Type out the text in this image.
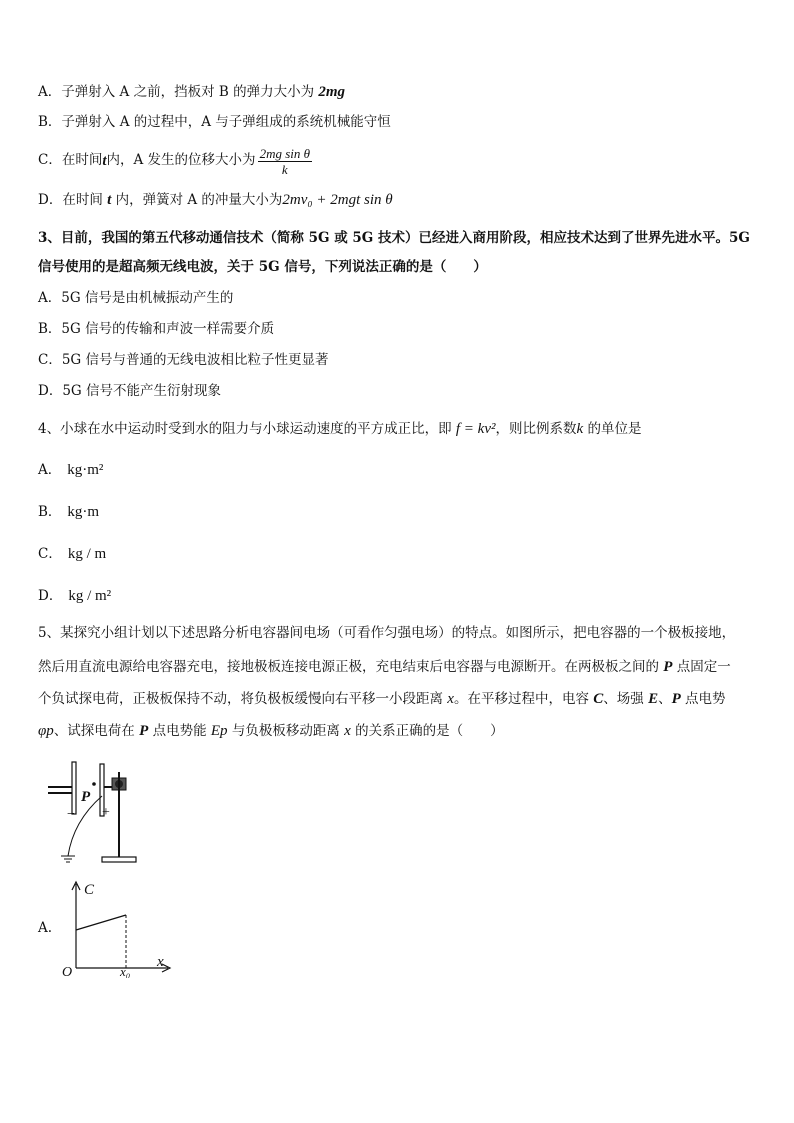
A．子弹射入 A 之前，挡板对 B 的弹力大小为 2mg
B．子弹射入 A 的过程中，A 与子弹组成的系统机械能守恒
C．在时间 t 内，A 发生的位移大小为 $\frac{\text{2mg sin θ}}{k}$
D．在时间 t 内，弹簧对 A 的冲量大小为2mv₀ + 2mgt sin θ
3、目前，我国的第五代移动通信技术（简称 5G 或 5G 技术）已经进入商用阶段，相应技术达到了世界先进水平。5G
信号使用的是超高频无线电波，关于 5G 信号，下列说法正确的是（　　）
A．5G 信号是由机械振动产生的
B．5G 信号的传输和声波一样需要介质
C．5G 信号与普通的无线电波相比粒子性更显著
D．5G 信号不能产生衍射现象
4、小球在水中运动时受到水的阻力与小球运动速度的平方成正比，即 f = kv²，则比例系数k 的单位是
A． kg·m²
B． kg·m
C． kg / m
D． kg / m²
5、某探究小组计划以下述思路分析电容器间电场（可看作匀强电场）的特点。如图所示，把电容器的一个极板接地，
然后用直流电源给电容器充电，接地极板连接电源正极，充电结束后电容器与电源断开。在两极板之间的 P 点固定一
个负试探电荷，正极板保持不动，将负极板缓慢向右平移一小段距离 x。在平移过程中，电容 C、场强 E、P 点电势
φp、试探电荷在 P 点电势能 Ep 与负极板移动距离 x 的关系正确的是（　　）
P
− +
A.
C
x
O	x₀
